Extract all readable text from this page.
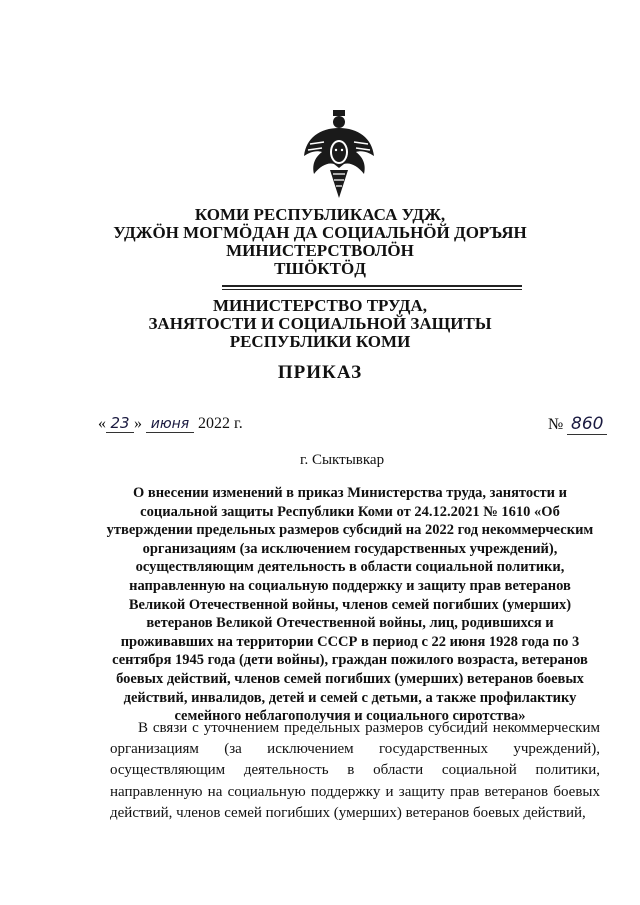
КОМИ РЕСПУБЛИКАСА УДЖ,
УДЖӦН МОГМӦДАН ДА СОЦИАЛЬНӦЙ ДОРЪЯН
МИНИСТЕРСТВОЛӦН
ТШӦКТӦД
МИНИСТЕРСТВО ТРУДА,
ЗАНЯТОСТИ И СОЦИАЛЬНОЙ ЗАЩИТЫ
РЕСПУБЛИКИ КОМИ
ПРИКАЗ
« 23 » июня 2022 г.	№ 860
г. Сыктывкар
О внесении изменений в приказ Министерства труда, занятости и социальной защиты Республики Коми от 24.12.2021 № 1610 «Об утверждении предельных размеров субсидий на 2022 год некоммерческим организациям (за исключением государственных учреждений), осуществляющим деятельность в области социальной политики, направленную на социальную поддержку и защиту прав ветеранов Великой Отечественной войны, членов семей погибших (умерших) ветеранов Великой Отечественной войны, лиц, родившихся и проживавших на территории СССР в период с 22 июня 1928 года по 3 сентября 1945 года (дети войны), граждан пожилого возраста, ветеранов боевых действий, членов семей погибших (умерших) ветеранов боевых действий, инвалидов, детей и семей с детьми, а также профилактику семейного неблагополучия и социального сиротства»

В связи с уточнением предельных размеров субсидий некоммерческим организациям (за исключением государственных учреждений), осуществляющим деятельность в области социальной политики, направленную на социальную поддержку и защиту прав ветеранов боевых действий, членов семей погибших (умерших) ветеранов боевых действий,
